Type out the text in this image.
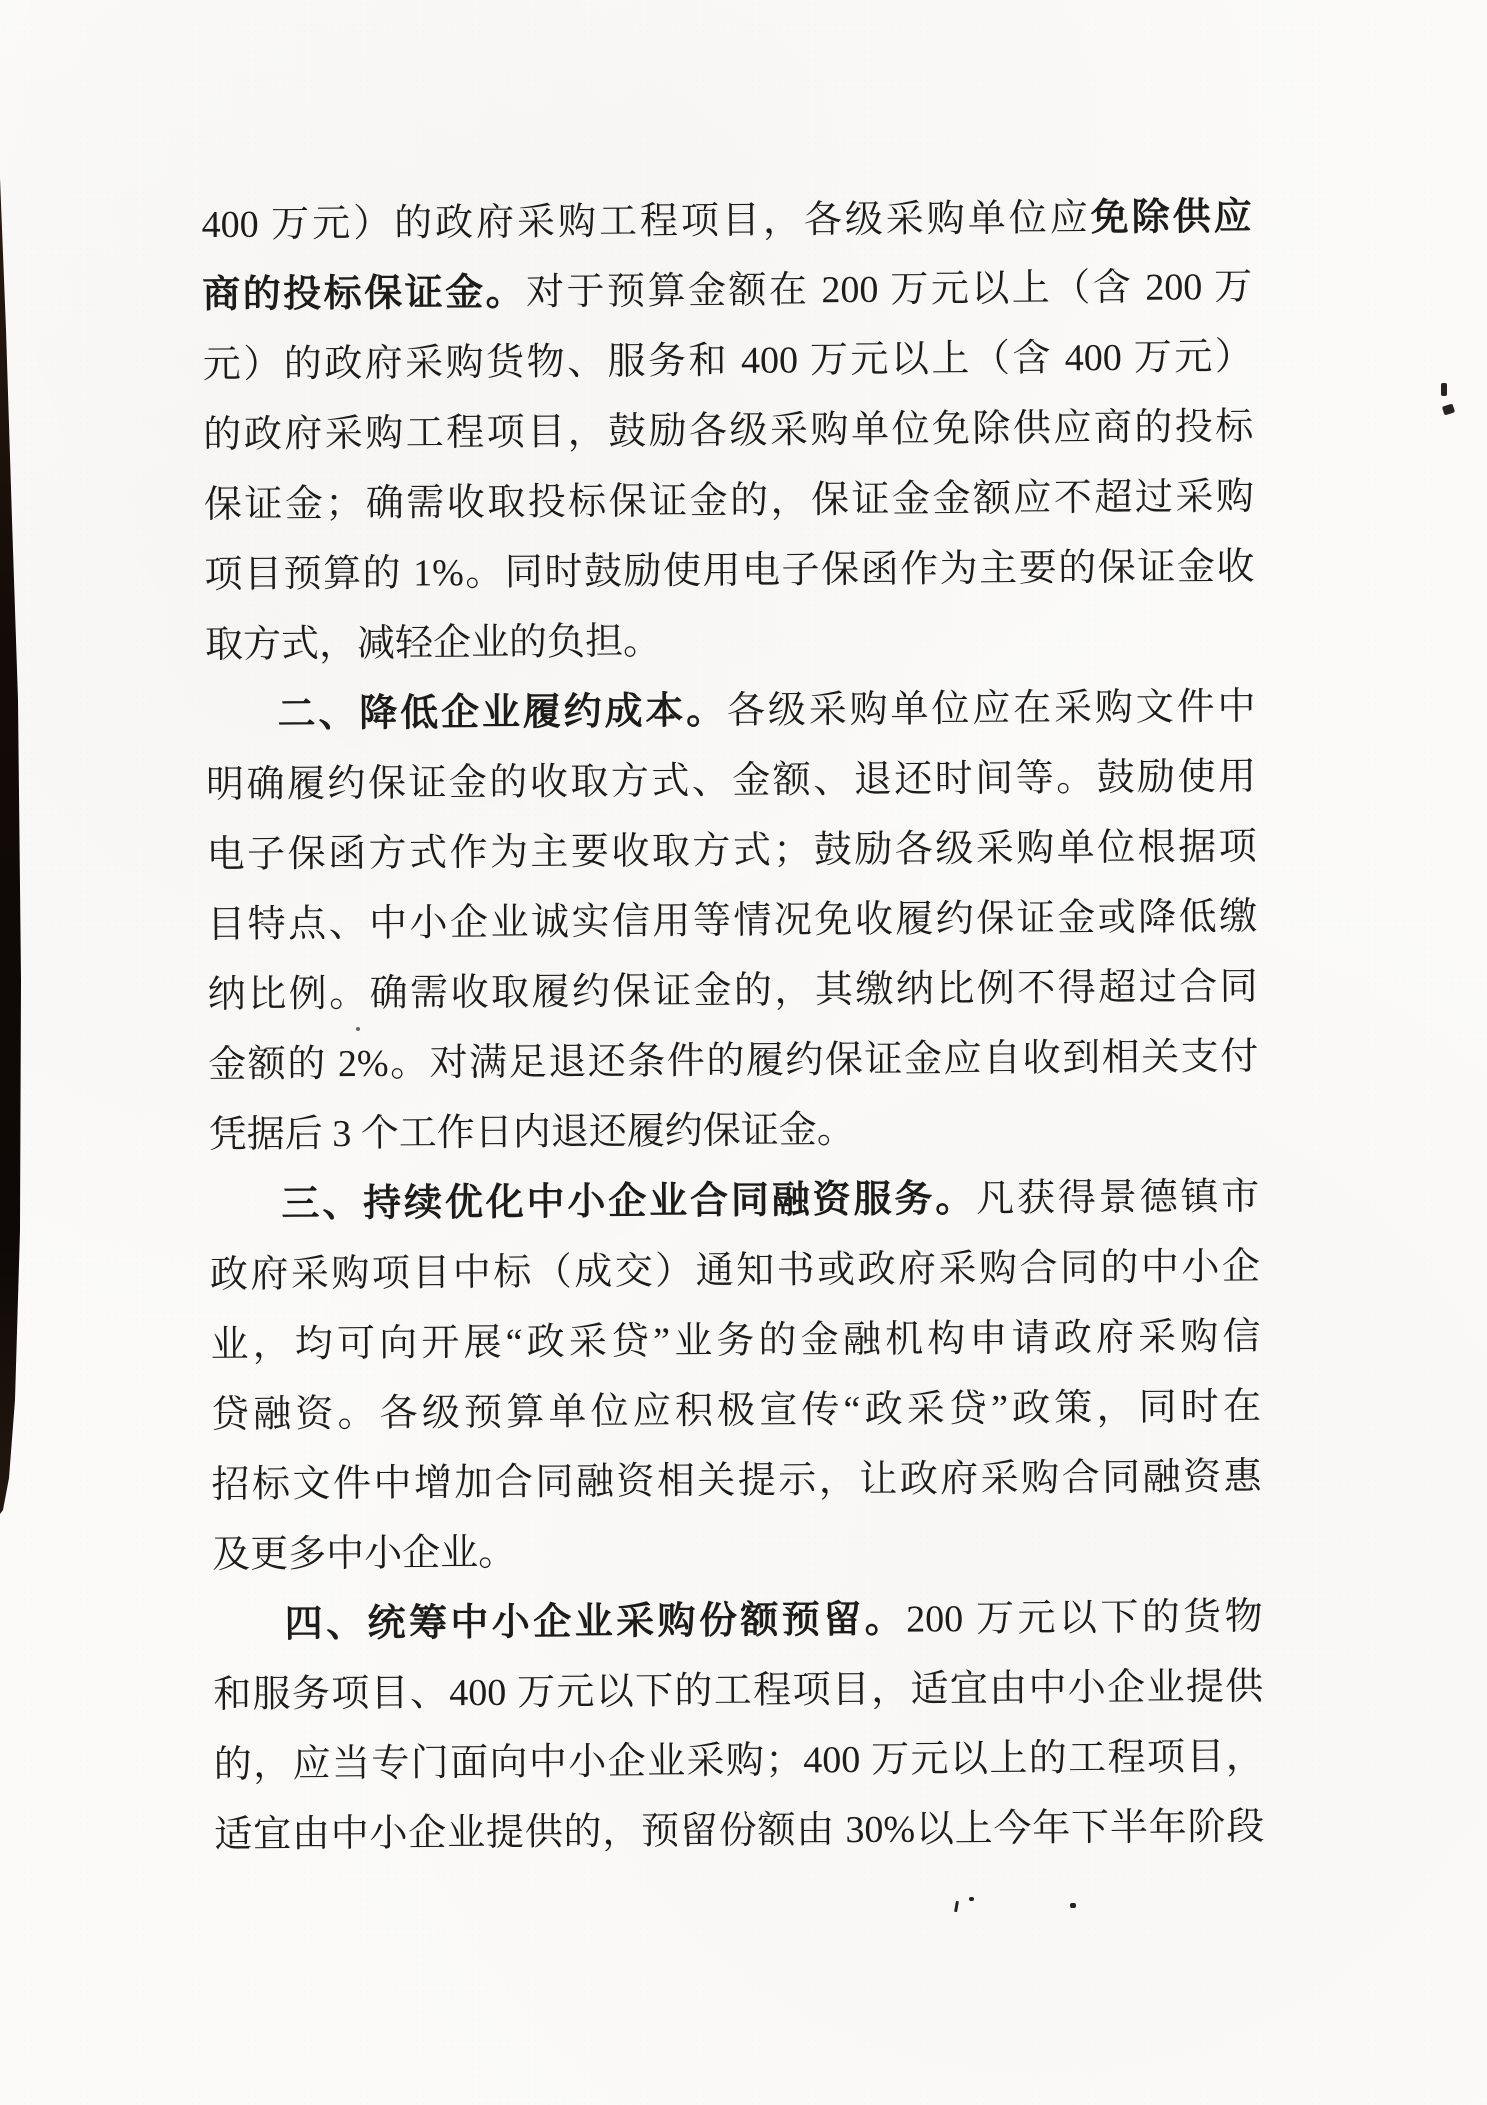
400 万元）的政府采购工程项目，各级采购单位应免除供应
商的投标保证金。对于预算金额在 200 万元以上（含 200 万
元）的政府采购货物、服务和 400 万元以上（含 400 万元）
的政府采购工程项目，鼓励各级采购单位免除供应商的投标
保证金；确需收取投标保证金的，保证金金额应不超过采购
项目预算的 1%。同时鼓励使用电子保函作为主要的保证金收
取方式，减轻企业的负担。
二、降低企业履约成本。各级采购单位应在采购文件中
明确履约保证金的收取方式、金额、退还时间等。鼓励使用
电子保函方式作为主要收取方式；鼓励各级采购单位根据项
目特点、中小企业诚实信用等情况免收履约保证金或降低缴
纳比例。确需收取履约保证金的，其缴纳比例不得超过合同
金额的 2%。对满足退还条件的履约保证金应自收到相关支付
凭据后 3 个工作日内退还履约保证金。
三、持续优化中小企业合同融资服务。凡获得景德镇市
政府采购项目中标（成交）通知书或政府采购合同的中小企
业，均可向开展“政采贷”业务的金融机构申请政府采购信
贷融资。各级预算单位应积极宣传“政采贷”政策，同时在
招标文件中增加合同融资相关提示，让政府采购合同融资惠
及更多中小企业。
四、统筹中小企业采购份额预留。200 万元以下的货物
和服务项目、400 万元以下的工程项目，适宜由中小企业提供
的，应当专门面向中小企业采购；400 万元以上的工程项目，
适宜由中小企业提供的，预留份额由 30%以上今年下半年阶段
